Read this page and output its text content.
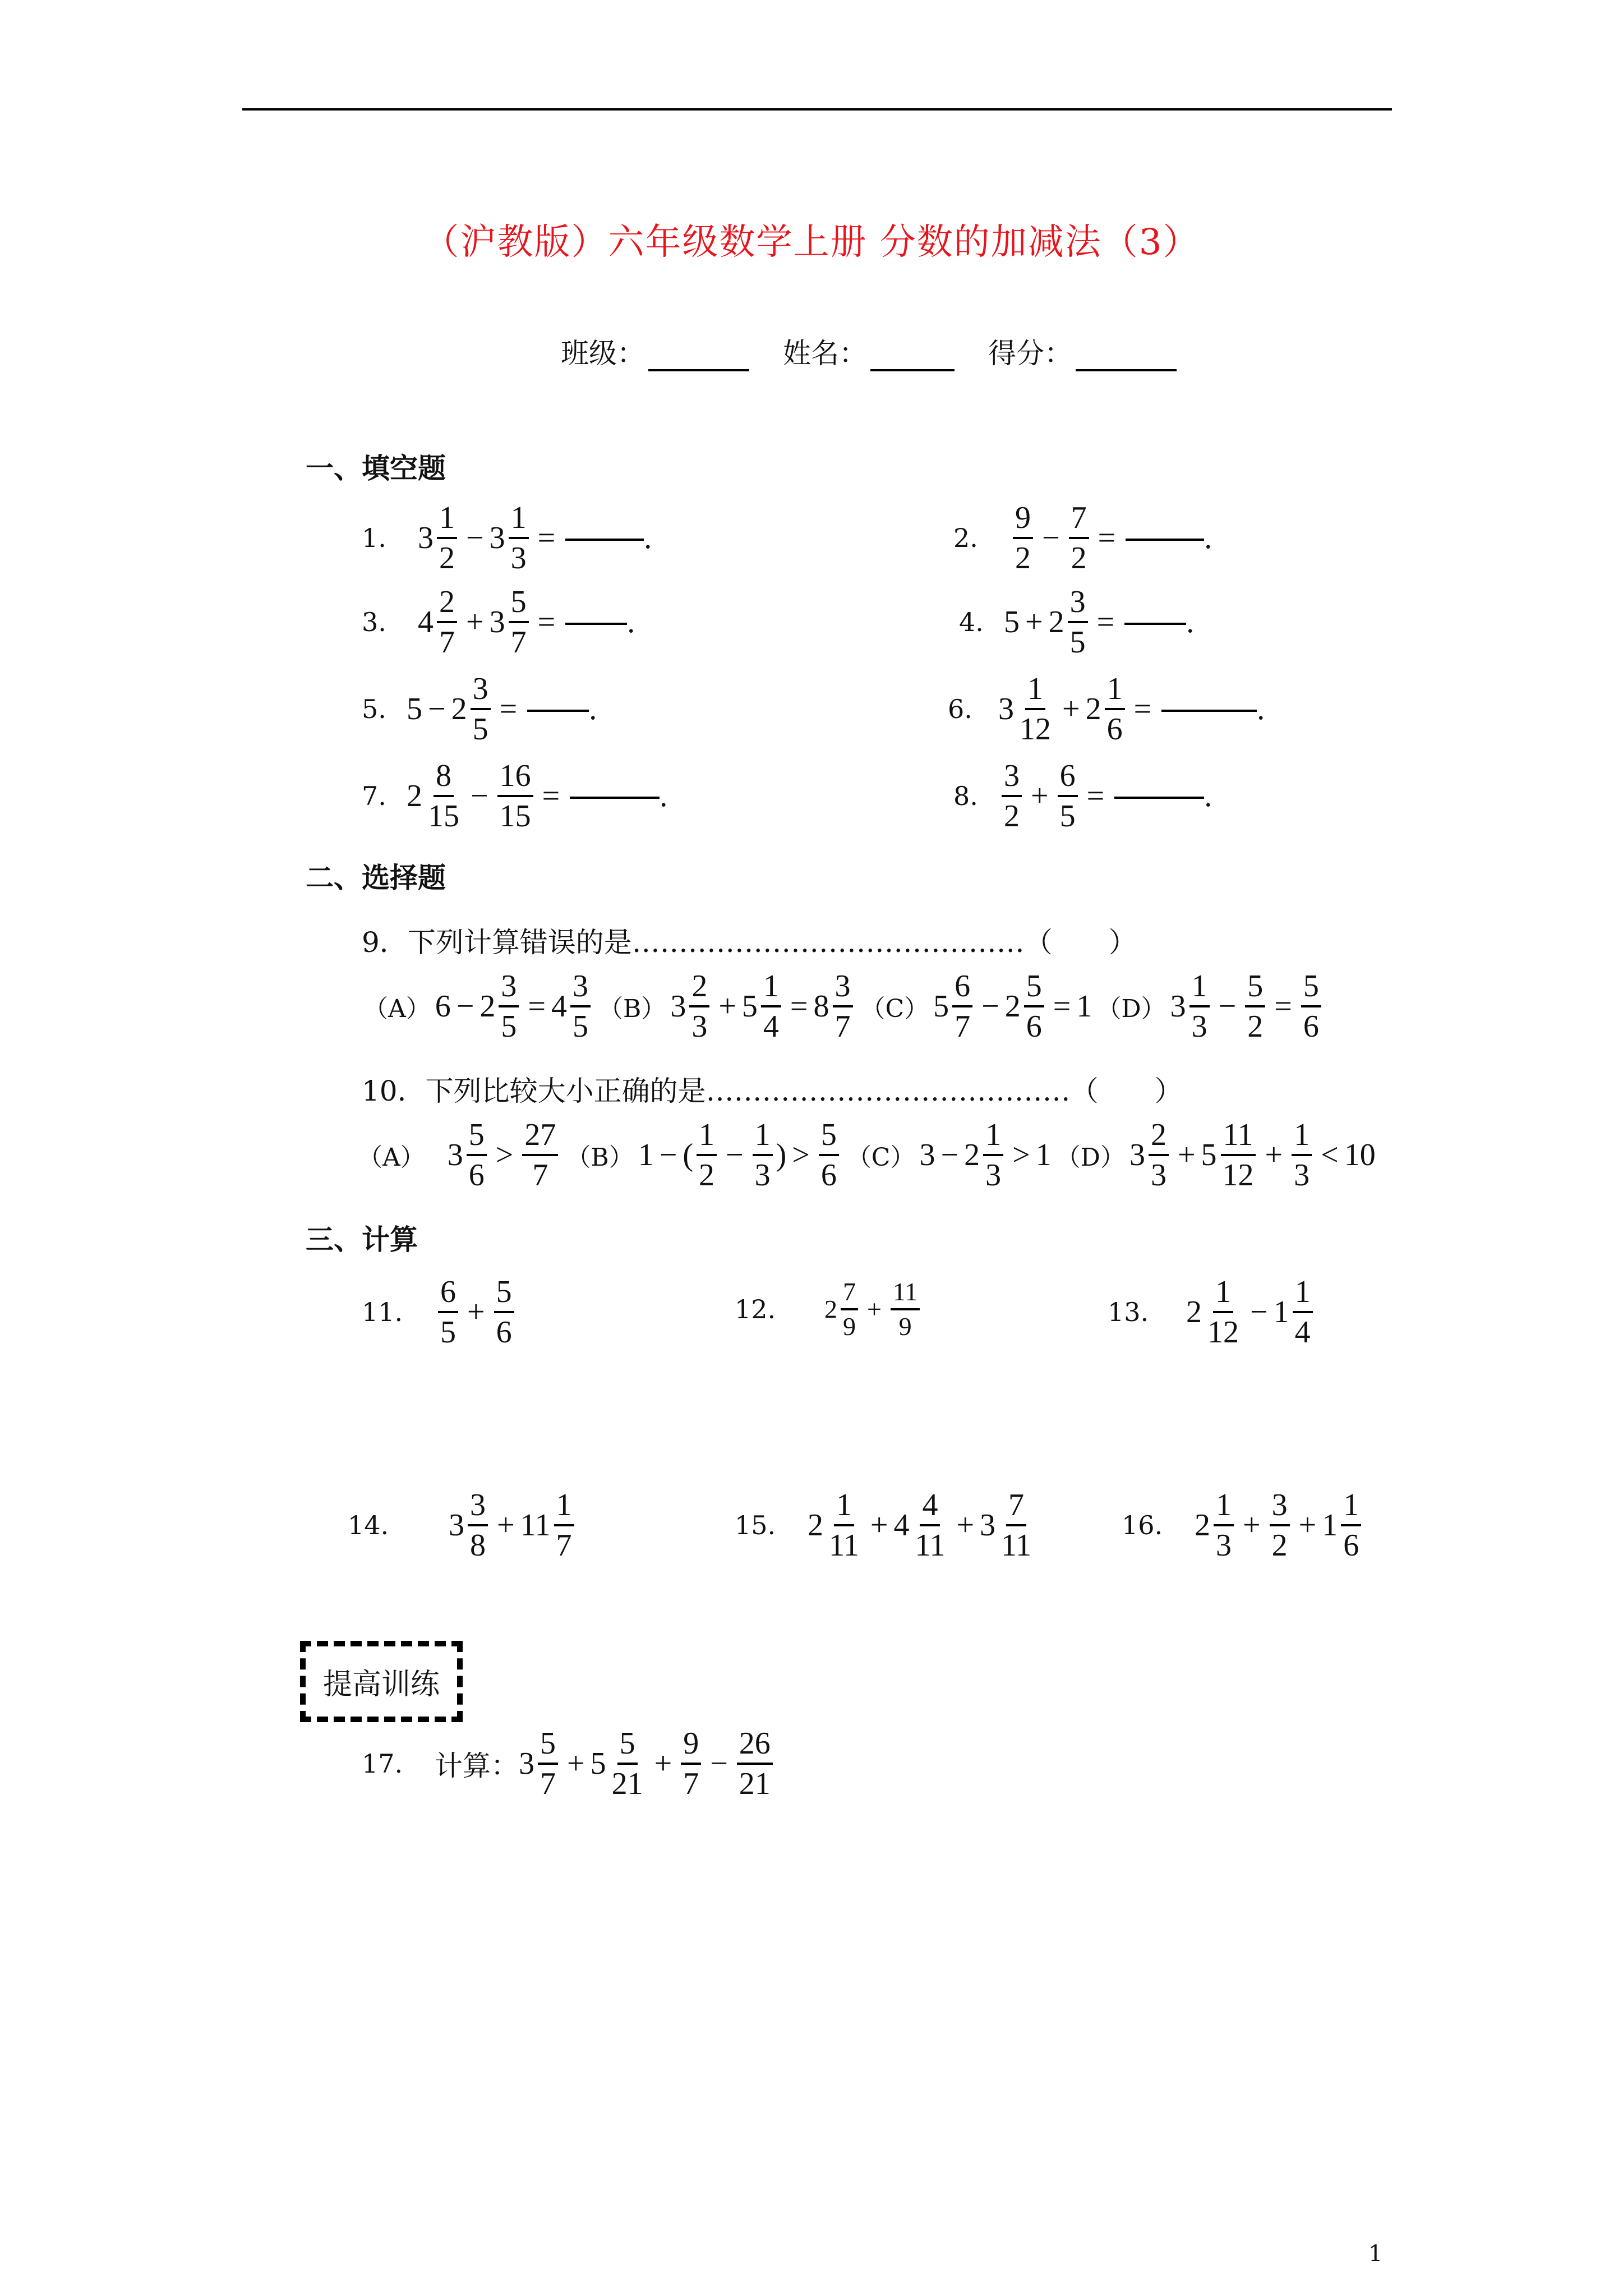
（沪教版）六年级数学上册 分数的加减法（3）
班级：	姓名：	得分：
一、填空题
1.	$3 \frac{1}{2} - 3 \frac{1}{3}$ =	.	2.	$\frac{9}{2} - \frac{7}{2}$ =	.
3.	$4 \frac{2}{7} + 3 \frac{5}{7}$ = .	4. $5 + 2 \frac{3}{5}$ = .
5. $5 - 2 \frac{3}{5}$ = .	6. $3 \frac{1}{12} + 2 \frac{1}{6}$ =	.
7. $2 \frac{8}{15} - \frac{16}{15}$ =	.	8. $\frac{3}{2} + \frac{6}{5}$ =	.
二、选择题
9．下列计算错误的是……………………………………（　　）
（A） $6 - 2 \frac{3}{5} = 4 \frac{3}{5} (B)$ $3 \frac{2}{3} + 5 \frac{1}{4} = 8 \frac{3}{7} (C)$ $5 \frac{6}{7} - 2 \frac{5}{6} = 1$ （D） $3 \frac{1}{3} - \frac{5}{2} = \frac{5}{6}$
10．下列比较大小正确的是…………………………………（　　）
（A） $3 \frac{5}{6} > \frac{27}{7} (B) 1$ − ( $\frac{1}{2} - \frac{1}{3}$ ) > $\frac{5}{6} (C) 3 - 2 \frac{1}{3} > 1$ （D） $3 \frac{2}{3} + 5 \frac{11}{12} + \frac{1}{3} < 10$
三、计算
11.	$\frac{6}{5} + \frac{5}{6}$	12.	$2 \frac{7}{9} + \frac{11}{9}$	13.	$2 \frac{1}{12} - 1 \frac{1}{4}$
14.	$3 \frac{3}{8} + 11 \frac{1}{7}$	15.	$2 \frac{1}{11} + 4 \frac{4}{11} + 3 \frac{7}{11}$	16.	$2 \frac{1}{3} + \frac{3}{2} + 1 \frac{1}{6}$
提高训练
17.	计算： $3 \frac{5}{7} + 5 \frac{5}{21} + \frac{9}{7} - \frac{26}{21}$
1
